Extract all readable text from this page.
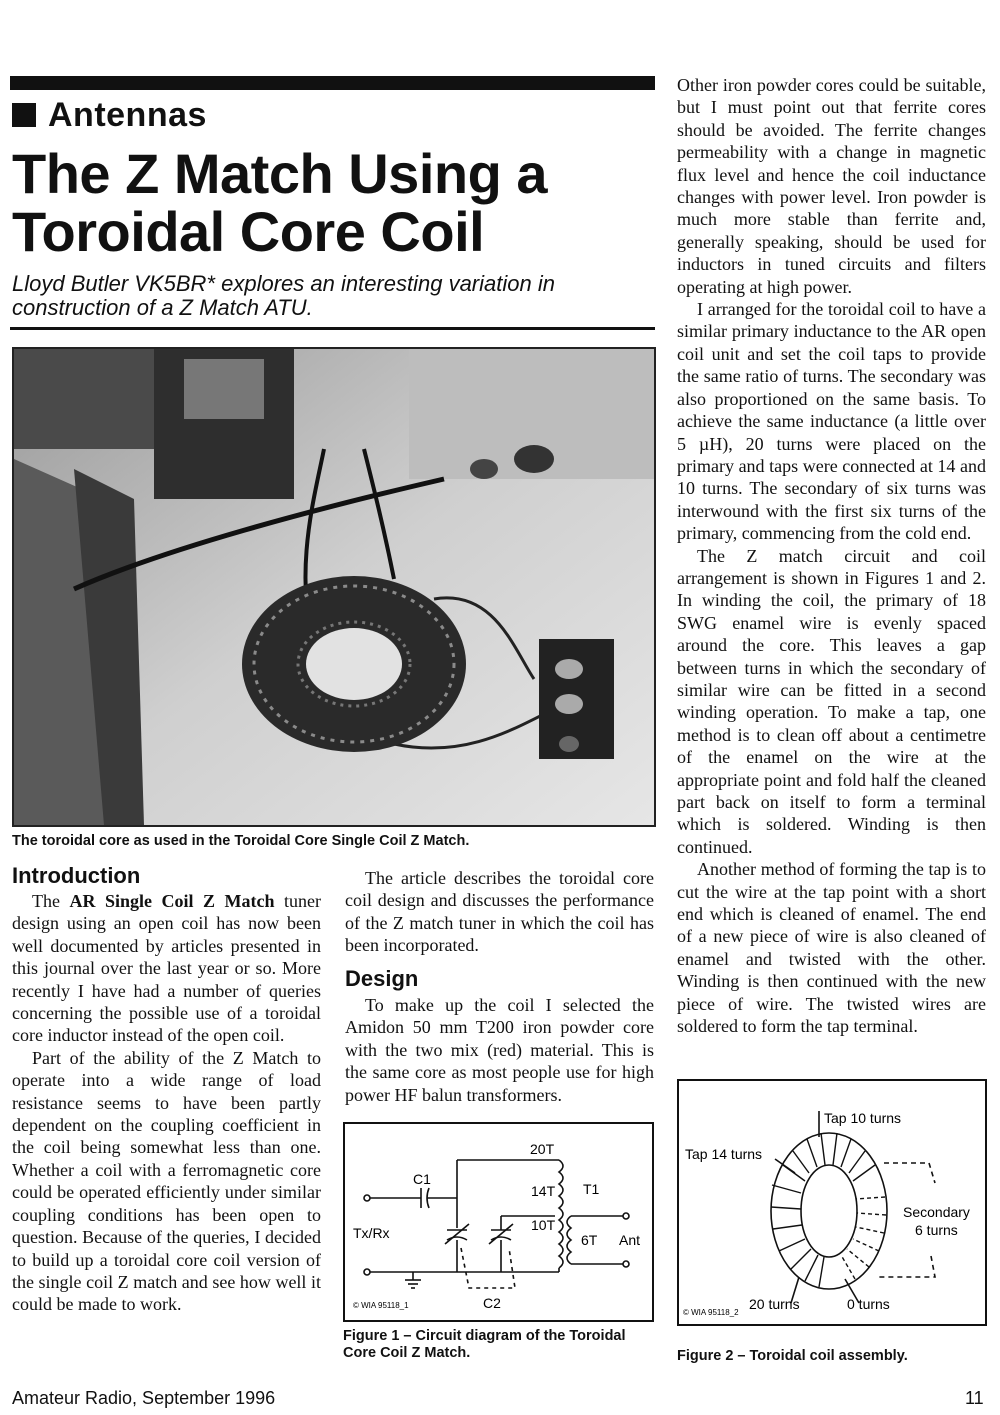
Antennas
The Z Match Using a Toroidal Core Coil
Lloyd Butler VK5BR* explores an interesting variation in construction of a Z Match ATU.
The toroidal core as used in the Toroidal Core Single Coil Z Match.
Introduction

The AR Single Coil Z Match tuner design using an open coil has now been well documented by articles presented in this journal over the last year or so. More recently I have had a number of queries concerning the possible use of a toroidal core inductor instead of the open coil.

Part of the ability of the Z Match to operate into a wide range of load resistance seems to have been partly dependent on the coupling coefficient in the coil being somewhat less than one. Whether a coil with a ferromagnetic core could be operated efficiently under similar coupling conditions has been open to question. Because of the queries, I decided to build up a toroidal core coil version of the single coil Z match and see how well it could be made to work.

The article describes the toroidal core coil design and discusses the performance of the Z match tuner in which the coil has been incorporated.

Design

To make up the coil I selected the Amidon 50 mm T200 iron powder core with the two mix (red) material. This is the same core as most people use for high power HF balun transformers.

20T
14T
10T
T1
C1
C2
6T
Tx/Rx	Ant
© WIA 95118_1
Figure 1 – Circuit diagram of the Toroidal Core Coil Z Match.

Other iron powder cores could be suitable, but I must point out that ferrite cores should be avoided. The ferrite changes permeability with a change in magnetic flux level and hence the coil inductance changes with power level. Iron powder is much more stable than ferrite and, generally speaking, should be used for inductors in tuned circuits and filters operating at high power.

I arranged for the toroidal coil to have a similar primary inductance to the AR open coil unit and set the coil taps to provide the same ratio of turns. The secondary was also proportioned on the same basis. To achieve the same inductance (a little over 5 µH), 20 turns were placed on the primary and taps were connected at 14 and 10 turns. The secondary of six turns was interwound with the first six turns of the primary, commencing from the cold end.

The Z match circuit and coil arrangement is shown in Figures 1 and 2. In winding the coil, the primary of 18 SWG enamel wire is evenly spaced around the core. This leaves a gap between turns in which the secondary of similar wire can be fitted in a second winding operation. To make a tap, one method is to clean off about a centimetre of the enamel on the wire at the appropriate point and fold half the cleaned part back on itself to form a terminal which is soldered. Winding is then continued.

Another method of forming the tap is to cut the wire at the tap point with a short end which is cleaned of enamel. The end of a new piece of wire is also cleaned of enamel and twisted with the other. Winding is then continued with the new piece of wire. The twisted wires are soldered to form the tap terminal.

Tap 10 turns
Tap 14 turns
Secondary
6 turns
20 turns	0 turns
© WIA 95118_2
Figure 2 – Toroidal coil assembly.
Amateur Radio, September 1996	11
